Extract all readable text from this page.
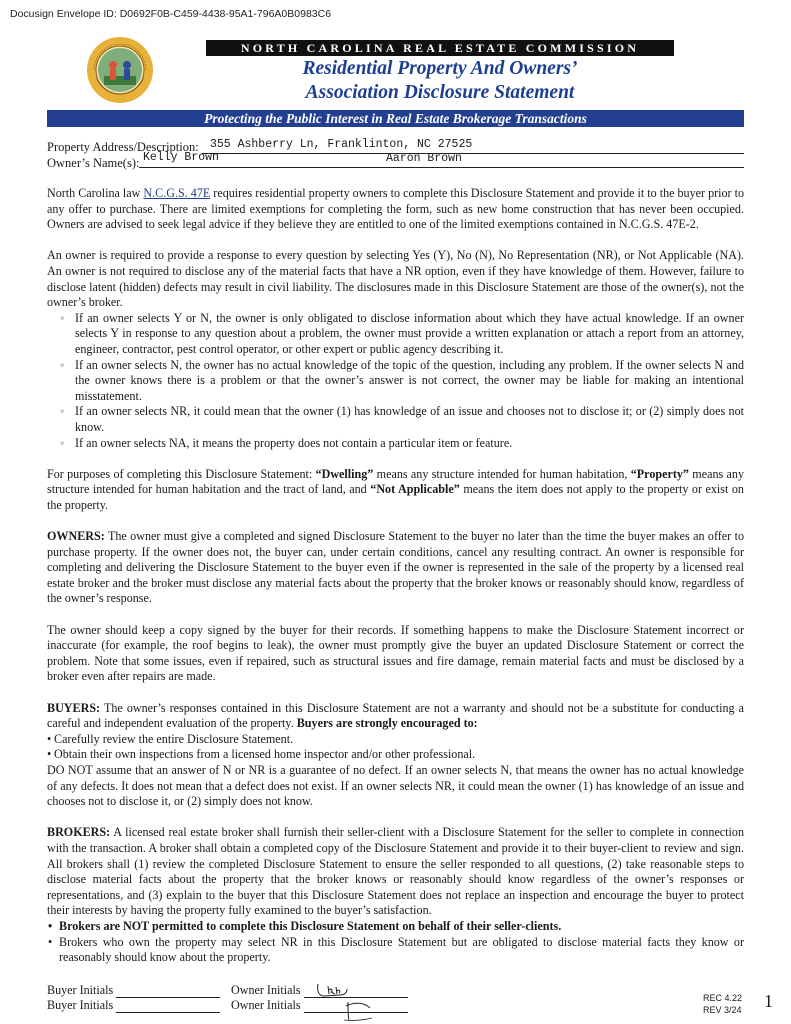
Docusign Envelope ID: D0692F0B-C459-4438-95A1-796A0B0983C6
NORTH CAROLINA REAL ESTATE COMMISSION
Residential Property And Owners’
Association Disclosure Statement
Protecting the Public Interest in Real Estate Brokerage Transactions
Property Address/Description: 355 Ashberry Ln, Franklinton, NC 27525
Owner’s Name(s): Kelly Brown	Aaron Brown

North Carolina law N.C.G.S. 47E requires residential property owners to complete this Disclosure Statement and provide it to the buyer prior to any offer to purchase. There are limited exemptions for completing the form, such as new home construction that has never been occupied. Owners are advised to seek legal advice if they believe they are entitled to one of the limited exemptions contained in N.C.G.S. 47E-2.

An owner is required to provide a response to every question by selecting Yes (Y), No (N), No Representation (NR), or Not Applicable (NA). An owner is not required to disclose any of the material facts that have a NR option, even if they have knowledge of them. However, failure to disclose latent (hidden) defects may result in civil liability. The disclosures made in this Disclosure Statement are those of the owner(s), not the owner’s broker.
◦ If an owner selects Y or N, the owner is only obligated to disclose information about which they have actual knowledge. If an owner selects Y in response to any question about a problem, the owner must provide a written explanation or attach a report from an attorney, engineer, contractor, pest control operator, or other expert or public agency describing it.
◦ If an owner selects N, the owner has no actual knowledge of the topic of the question, including any problem. If the owner selects N and the owner knows there is a problem or that the owner’s answer is not correct, the owner may be liable for making an intentional misstatement.
◦ If an owner selects NR, it could mean that the owner (1) has knowledge of an issue and chooses not to disclose it; or (2) simply does not know.
◦ If an owner selects NA, it means the property does not contain a particular item or feature.

For purposes of completing this Disclosure Statement: “Dwelling” means any structure intended for human habitation, “Property” means any structure intended for human habitation and the tract of land, and “Not Applicable” means the item does not apply to the property or exist on the property.

OWNERS: The owner must give a completed and signed Disclosure Statement to the buyer no later than the time the buyer makes an offer to purchase property. If the owner does not, the buyer can, under certain conditions, cancel any resulting contract. An owner is responsible for completing and delivering the Disclosure Statement to the buyer even if the owner is represented in the sale of the property by a licensed real estate broker and the broker must disclose any material facts about the property that the broker knows or reasonably should know, regardless of the owner’s response.

The owner should keep a copy signed by the buyer for their records. If something happens to make the Disclosure Statement incorrect or inaccurate (for example, the roof begins to leak), the owner must promptly give the buyer an updated Disclosure Statement or correct the problem. Note that some issues, even if repaired, such as structural issues and fire damage, remain material facts and must be disclosed by a broker even after repairs are made.

BUYERS: The owner’s responses contained in this Disclosure Statement are not a warranty and should not be a substitute for conducting a careful and independent evaluation of the property. Buyers are strongly encouraged to:
• Carefully review the entire Disclosure Statement.
• Obtain their own inspections from a licensed home inspector and/or other professional.
DO NOT assume that an answer of N or NR is a guarantee of no defect. If an owner selects N, that means the owner has no actual knowledge of any defects. It does not mean that a defect does not exist. If an owner selects NR, it could mean the owner (1) has knowledge of an issue and chooses not to disclose it, or (2) simply does not know.
BROKERS: A licensed real estate broker shall furnish their seller-client with a Disclosure Statement for the seller to complete in connection with the transaction. A broker shall obtain a completed copy of the Disclosure Statement and provide it to their buyer-client to review and sign. All brokers shall (1) review the completed Disclosure Statement to ensure the seller responded to all questions, (2) take reasonable steps to disclose material facts about the property that the broker knows or reasonably should know regardless of the owner’s responses or representations, and (3) explain to the buyer that this Disclosure Statement does not replace an inspection and encourage the buyer to protect their interests by having the property fully examined to the buyer’s satisfaction.
• Brokers are NOT permitted to complete this Disclosure Statement on behalf of their seller-clients.
• Brokers who own the property may select NR in this Disclosure Statement but are obligated to disclose material facts they know or reasonably should know about the property.
Buyer Initials
Buyer Initials
Owner Initials
Owner Initials	REC 4.22
REV 3/24 1
